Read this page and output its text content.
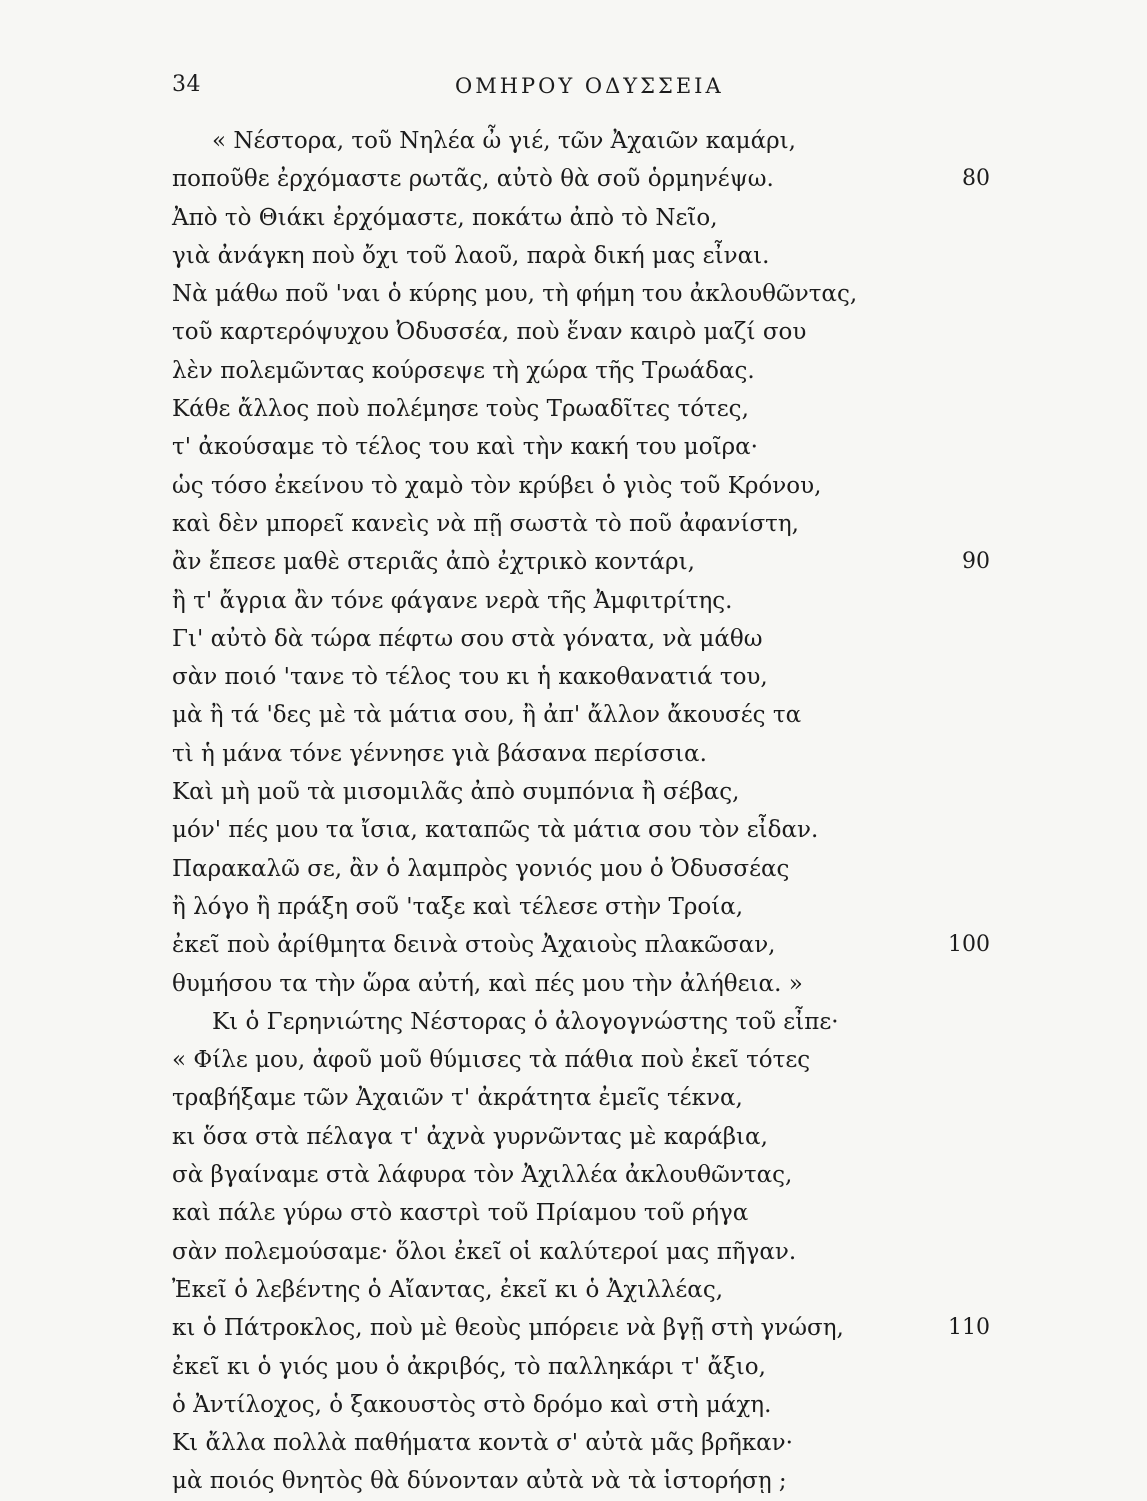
34	ΟΜΗΡΟΥ ΟΔΥΣΣΕΙΑ
« Νέστορα, τοῦ Νηλέα ὦ γιέ, τῶν Ἀχαιῶν καμάρι,
ποποῦθε ἐρχόμαστε ρωτᾶς, αὐτὸ θὰ σοῦ ὁρμηνέψω.	80
Ἀπὸ τὸ Θιάκι ἐρχόμαστε, ποκάτω ἀπὸ τὸ Νεῖο,
γιὰ ἀνάγκη ποὺ ὄχι τοῦ λαοῦ, παρὰ δική μας εἶναι.
Νὰ μάθω ποῦ 'ναι ὁ κύρης μου, τὴ φήμη του ἀκλουθῶντας,
τοῦ καρτερόψυχου Ὀδυσσέα, ποὺ ἕναν καιρὸ μαζί σου
λὲν πολεμῶντας κούρσεψε τὴ χώρα τῆς Τρωάδας.
Κάθε ἄλλος ποὺ πολέμησε τοὺς Τρωαδῖτες τότες,
τ' ἀκούσαμε τὸ τέλος του καὶ τὴν κακή του μοῖρα·
ὡς τόσο ἐκείνου τὸ χαμὸ τὸν κρύβει ὁ γιὸς τοῦ Κρόνου,
καὶ δὲν μπορεῖ κανεὶς νὰ πῇ σωστὰ τὸ ποῦ ἀφανίστη,
ἂν ἔπεσε μαθὲ στεριᾶς ἀπὸ ἐχτρικὸ κοντάρι,	90
ἢ τ' ἄγρια ἂν τόνε φάγανε νερὰ τῆς Ἀμφιτρίτης.
Γι' αὐτὸ δὰ τώρα πέφτω σου στὰ γόνατα, νὰ μάθω
σὰν ποιό 'τανε τὸ τέλος του κι ἡ κακοθανατιά του,
μὰ ἢ τά 'δες μὲ τὰ μάτια σου, ἢ ἀπ' ἄλλον ἄκουσές τα
τὶ ἡ μάνα τόνε γέννησε γιὰ βάσανα περίσσια.
Καὶ μὴ μοῦ τὰ μισομιλᾶς ἀπὸ συμπόνια ἢ σέβας,
μόν' πές μου τα ἴσια, καταπῶς τὰ μάτια σου τὸν εἶδαν.
Παρακαλῶ σε, ἂν ὁ λαμπρὸς γονιός μου ὁ Ὀδυσσέας
ἢ λόγο ἢ πράξη σοῦ 'ταξε καὶ τέλεσε στὴν Τροία,
ἐκεῖ ποὺ ἀρίθμητα δεινὰ στοὺς Ἀχαιοὺς πλακῶσαν,	100
θυμήσου τα τὴν ὥρα αὐτή, καὶ πές μου τὴν ἀλήθεια. »
Κι ὁ Γερηνιώτης Νέστορας ὁ ἀλογογνώστης τοῦ εἶπε·
« Φίλε μου, ἀφοῦ μοῦ θύμισες τὰ πάθια ποὺ ἐκεῖ τότες
τραβήξαμε τῶν Ἀχαιῶν τ' ἀκράτητα ἐμεῖς τέκνα,
κι ὅσα στὰ πέλαγα τ' ἀχνὰ γυρνῶντας μὲ καράβια,
σὰ βγαίναμε στὰ λάφυρα τὸν Ἀχιλλέα ἀκλουθῶντας,
καὶ πάλε γύρω στὸ καστρὶ τοῦ Πρίαμου τοῦ ρήγα
σὰν πολεμούσαμε· ὅλοι ἐκεῖ οἱ καλύτεροί μας πῆγαν.
Ἐκεῖ ὁ λεβέντης ὁ Αἴαντας, ἐκεῖ κι ὁ Ἀχιλλέας,
κι ὁ Πάτροκλος, ποὺ μὲ θεοὺς μπόρειε νὰ βγῇ στὴ γνώση,	110
ἐκεῖ κι ὁ γιός μου ὁ ἀκριβός, τὸ παλληκάρι τ' ἄξιο,
ὁ Ἀντίλοχος, ὁ ξακουστὸς στὸ δρόμο καὶ στὴ μάχη.
Κι ἄλλα πολλὰ παθήματα κοντὰ σ' αὐτὰ μᾶς βρῆκαν·
μὰ ποιός θνητὸς θὰ δύνονταν αὐτὰ νὰ τὰ ἱστορήσῃ ;
